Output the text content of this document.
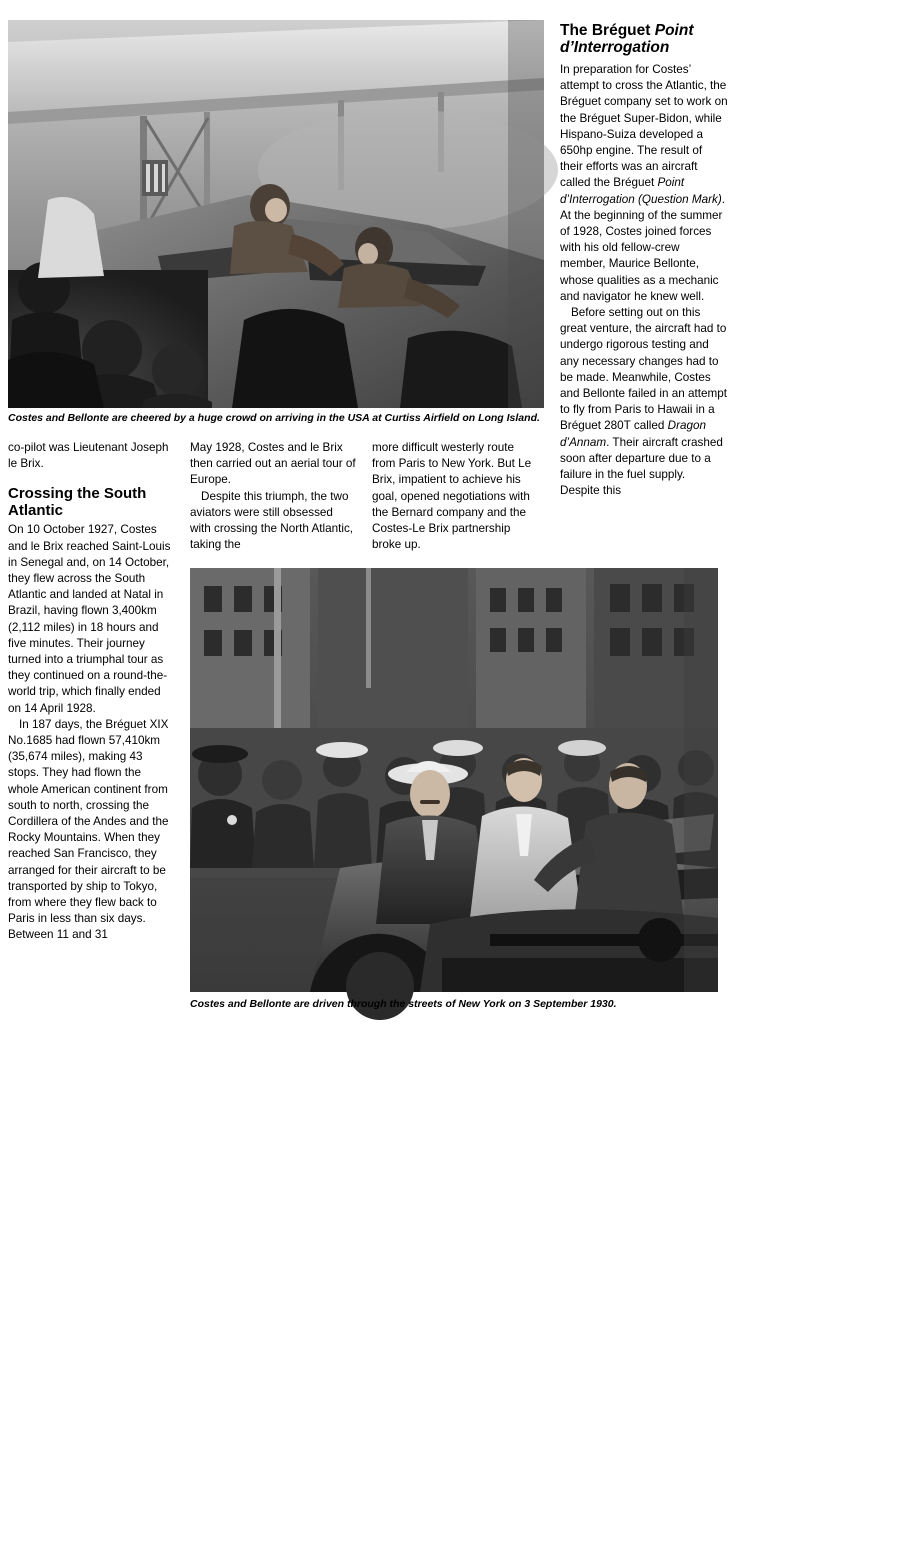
© Musée de l’Air et de l’Espace/Le Bourget.
Costes and Bellonte are cheered by a huge crowd on arriving in the USA at Curtiss Airfield on Long Island.
The Bréguet Point d’Interrogation

In preparation for Costes’ attempt to cross the Atlantic, the Bréguet company set to work on the Bréguet Super-Bidon, while Hispano-Suiza developed a 650hp engine. The result of their efforts was an aircraft called the Bréguet Point d’Interrogation (Question Mark). At the beginning of the summer of 1928, Costes joined forces with his old fellow-crew member, Maurice Bellonte, whose qualities as a mechanic and navigator he knew well.

Before setting out on this great venture, the aircraft had to undergo rigorous testing and any necessary changes had to be made. Meanwhile, Costes and Bellonte failed in an attempt to fly from Paris to Hawaii in a Bréguet 280T called Dragon d’Annam. Their aircraft crashed soon after departure due to a failure in the fuel supply. Despite this

co-pilot was Lieutenant Joseph le Brix.

Crossing the South Atlantic

On 10 October 1927, Costes and le Brix reached Saint-Louis in Senegal and, on 14 October, they flew across the South Atlantic and landed at Natal in Brazil, having flown 3,400km (2,112 miles) in 18 hours and five minutes. Their journey turned into a triumphal tour as they continued on a round-the-world trip, which finally ended on 14 April 1928.

In 187 days, the Bréguet XIX No.1685 had flown 57,410km (35,674 miles), making 43 stops. They had flown the whole American continent from south to north, crossing the Cordillera of the Andes and the Rocky Mountains. When they reached San Francisco, they arranged for their aircraft to be transported by ship to Tokyo, from where they flew back to Paris in less than six days. Between 11 and 31

May 1928, Costes and le Brix then carried out an aerial tour of Europe.

Despite this triumph, the two aviators were still obsessed with crossing the North Atlantic, taking the

more difficult westerly route from Paris to New York. But Le Brix, impatient to achieve his goal, opened negotiations with the Bernard company and the Costes-Le Brix partnership broke up.

© Musée de l’Air et de l’Espace/Le Bourget.
Costes and Bellonte are driven through the streets of New York on 3 September 1930.
